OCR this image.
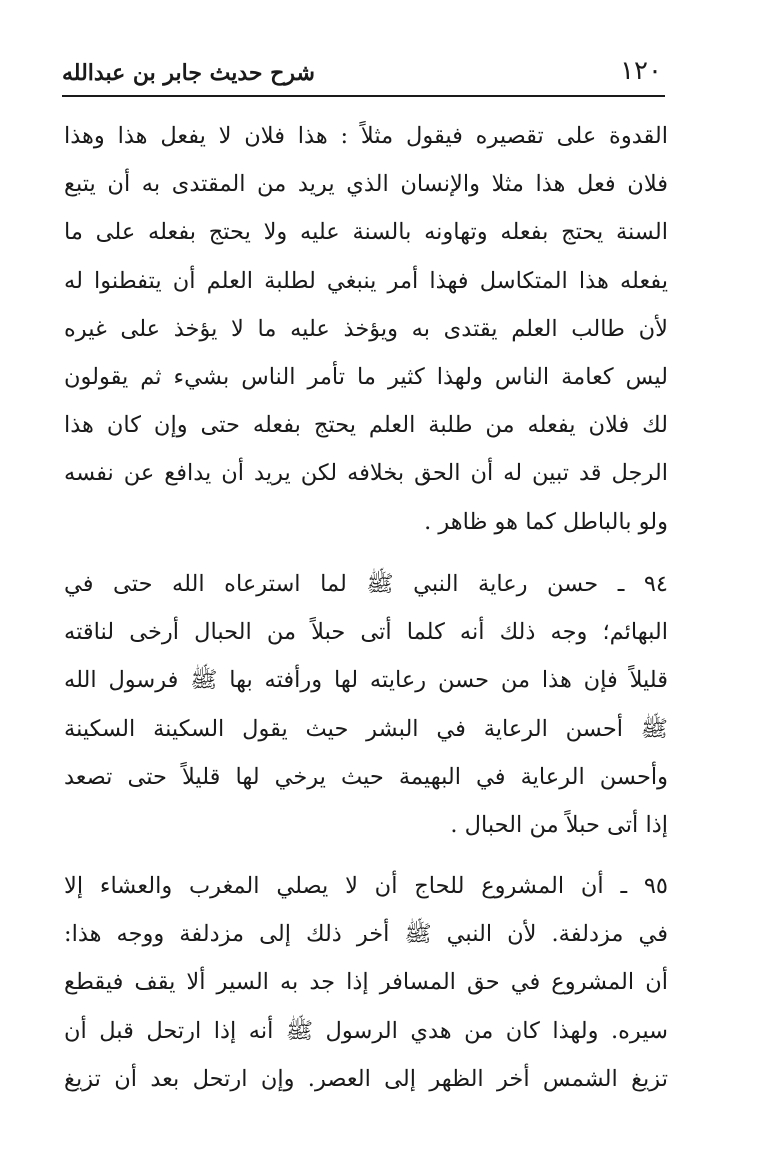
١٢٠
شرح حديث جابر بن عبدالله
القدوة على تقصيره فيقول مثلاً : هذا فلان لا يفعل هذا وهذا
فلان فعل هذا مثلا والإنسان الذي يريد من المقتدى به أن يتبع
السنة يحتج بفعله وتهاونه بالسنة عليه ولا يحتج بفعله على ما
يفعله هذا المتكاسل فهذا أمر ينبغي لطلبة العلم أن يتفطنوا له
لأن طالب العلم يقتدى به ويؤخذ عليه ما لا يؤخذ على غيره
ليس كعامة الناس ولهذا كثير ما تأمر الناس بشيء ثم يقولون
لك فلان يفعله من طلبة العلم يحتج بفعله حتى وإن كان هذا
الرجل قد تبين له أن الحق بخلافه لكن يريد أن يدافع عن نفسه
ولو بالباطل كما هو ظاهر .
٩٤ ـ حسن رعاية النبي ﷺ لما استرعاه الله حتى في
البهائم؛ وجه ذلك أنه كلما أتى حبلاً من الحبال أرخى لناقته
قليلاً فإن هذا من حسن رعايته لها ورأفته بها ﷺ فرسول الله
ﷺ أحسن الرعاية في البشر حيث يقول السكينة السكينة
وأحسن الرعاية في البهيمة حيث يرخي لها قليلاً حتى تصعد
إذا أتى حبلاً من الحبال .
٩٥ ـ أن المشروع للحاج أن لا يصلي المغرب والعشاء إلا
في مزدلفة. لأن النبي ﷺ أخر ذلك إلى مزدلفة ووجه هذا:
أن المشروع في حق المسافر إذا جد به السير ألا يقف فيقطع
سيره. ولهذا كان من هدي الرسول ﷺ أنه إذا ارتحل قبل أن
تزيغ الشمس أخر الظهر إلى العصر. وإن ارتحل بعد أن تزيغ
